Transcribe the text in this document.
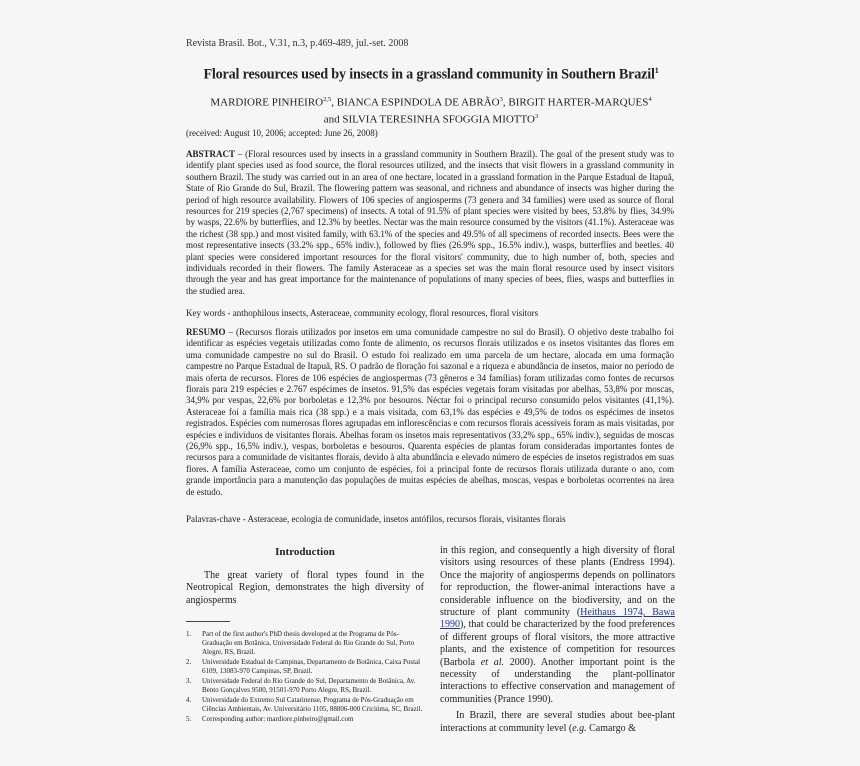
Revista Brasil. Bot., V.31, n.3, p.469-489, jul.-set. 2008
Floral resources used by insects in a grassland community in Southern Brazil$^1$
MARDIORE PINHEIRO$^{2,5}$, BIANCA ESPINDOLA DE ABRÃO$^3$, BIRGIT HARTER-MARQUES$^4$
and SILVIA TERESINHA SFOGGIA MIOTTO$^3$
(received: August 10, 2006; accepted: June 26, 2008)
ABSTRACT – (Floral resources used by insects in a grassland community in Southern Brazil). The goal of the present study was to identify plant species used as food source, the floral resources utilized, and the insects that visit flowers in a grassland community in southern Brazil. The study was carried out in an area of one hectare, located in a grassland formation in the Parque Estadual de Itapuã, State of Rio Grande do Sul, Brazil. The flowering pattern was seasonal, and richness and abundance of insects was higher during the period of high resource availability. Flowers of 106 species of angiosperms (73 genera and 34 families) were used as source of floral resources for 219 species (2,767 specimens) of insects. A total of 91.5% of plant species were visited by bees, 53.8% by flies, 34.9% by wasps, 22.6% by butterflies, and 12.3% by beetles. Nectar was the main resource consumed by the visitors (41.1%). Asteraceae was the richest (38 spp.) and most visited family, with 63.1% of the species and 49.5% of all specimens of recorded insects. Bees were the most representative insects (33.2% spp., 65% indiv.), followed by flies (26.9% spp., 16.5% indiv.), wasps, butterflies and beetles. 40 plant species were considered important resources for the floral visitors' community, due to high number of, both, species and individuals recorded in their flowers. The family Asteraceae as a species set was the main floral resource used by insect visitors through the year and has great importance for the maintenance of populations of many species of bees, flies, wasps and butterflies in the studied area.
Key words - anthophilous insects, Asteraceae, community ecology, floral resources, floral visitors
RESUMO – (Recursos florais utilizados por insetos em uma comunidade campestre no sul do Brasil). O objetivo deste trabalho foi identificar as espécies vegetais utilizadas como fonte de alimento, os recursos florais utilizados e os insetos visitantes das flores em uma comunidade campestre no sul do Brasil. O estudo foi realizado em uma parcela de um hectare, alocada em uma formação campestre no Parque Estadual de Itapuã, RS. O padrão de floração foi sazonal e a riqueza e abundância de insetos, maior no período de mais oferta de recursos. Flores de 106 espécies de angiospermas (73 gêneros e 34 famílias) foram utilizadas como fontes de recursos florais para 219 espécies e 2.767 espécimes de insetos. 91,5% das espécies vegetais foram visitadas por abelhas, 53,8% por moscas, 34,9% por vespas, 22,6% por borboletas e 12,3% por besouros. Néctar foi o principal recurso consumido pelos visitantes (41,1%). Asteraceae foi a família mais rica (38 spp.) e a mais visitada, com 63,1% das espécies e 49,5% de todos os espécimes de insetos registrados. Espécies com numerosas flores agrupadas em inflorescências e com recursos florais acessíveis foram as mais visitadas, por espécies e indivíduos de visitantes florais. Abelhas foram os insetos mais representativos (33,2% spp., 65% indiv.), seguidas de moscas (26,9% spp., 16,5% indiv.), vespas, borboletas e besouros. Quarenta espécies de plantas foram consideradas importantes fontes de recursos para a comunidade de visitantes florais, devido à alta abundância e elevado número de espécies de insetos registrados em suas flores. A família Asteraceae, como um conjunto de espécies, foi a principal fonte de recursos florais utilizada durante o ano, com grande importância para a manutenção das populações de muitas espécies de abelhas, moscas, vespas e borboletas ocorrentes na área de estudo.
Palavras-chave - Asteraceae, ecologia de comunidade, insetos antófilos, recursos florais, visitantes florais
Introduction
The great variety of floral types found in the Neotropical Region, demonstrates the high diversity of angiosperms
1.	Part of the first author's PhD thesis developed at the Programa de Pós-Graduação em Botânica, Universidade Federal do Rio Grande do Sul, Porto Alegre, RS, Brazil.
2.	Universidade Estadual de Campinas, Departamento de Botânica, Caixa Postal 6109, 13083-970 Campinas, SP, Brazil.
3.	Universidade Federal do Rio Grande do Sul, Departamento de Botânica, Av. Bento Gonçalves 9500, 91501-970 Porto Alegre, RS, Brazil.
4.	Universidade do Extremo Sul Catarinense, Programa de Pós-Graduação em Ciências Ambientais, Av. Universitário 1105, 88806-000 Criciúma, SC, Brazil.
5.	Corresponding author: mardiore.pinheiro@gmail.com
in this region, and consequently a high diversity of floral visitors using resources of these plants (Endress 1994). Once the majority of angiosperms depends on pollinators for reproduction, the flower-animal interactions have a considerable influence on the biodiversity, and on the structure of plant community (Heithaus 1974, Bawa 1990), that could be characterized by the food preferences of different groups of floral visitors, the more attractive plants, and the existence of competition for resources (Barbola et al. 2000). Another important point is the necessity of understanding the plant-pollinator interactions to effective conservation and management of communities (Prance 1990).
In Brazil, there are several studies about bee-plant interactions at community level (e.g. Camargo &
